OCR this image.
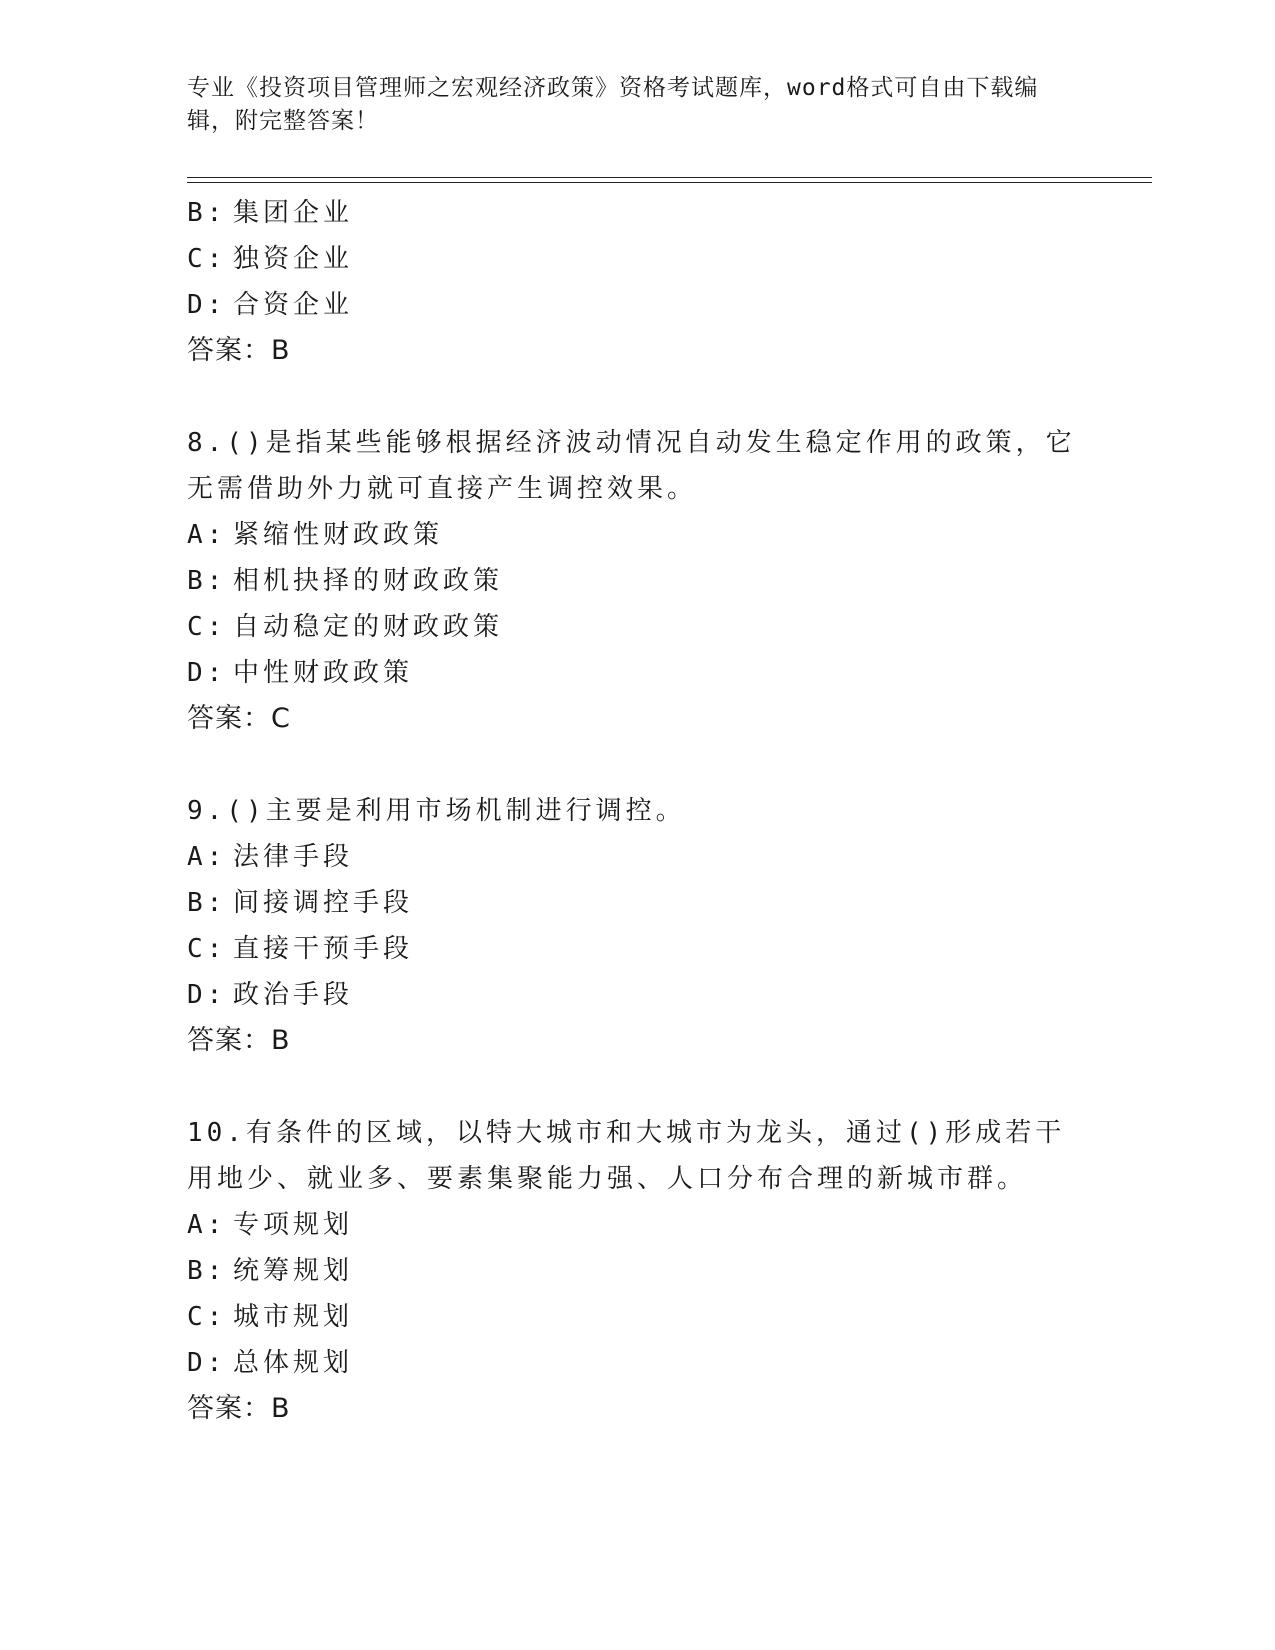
专业《投资项目管理师之宏观经济政策》资格考试题库，word格式可自由下载编辑，附完整答案！
B: 集团企业
C: 独资企业
D: 合资企业
答案：B
8.()是指某些能够根据经济波动情况自动发生稳定作用的政策，它无需借助外力就可直接产生调控效果。
A: 紧缩性财政政策
B: 相机抉择的财政政策
C: 自动稳定的财政政策
D: 中性财政政策
答案：C
9.()主要是利用市场机制进行调控。
A: 法律手段
B: 间接调控手段
C: 直接干预手段
D: 政治手段
答案：B
10.有条件的区域，以特大城市和大城市为龙头，通过()形成若干用地少、就业多、要素集聚能力强、人口分布合理的新城市群。
A: 专项规划
B: 统筹规划
C: 城市规划
D: 总体规划
答案：B
